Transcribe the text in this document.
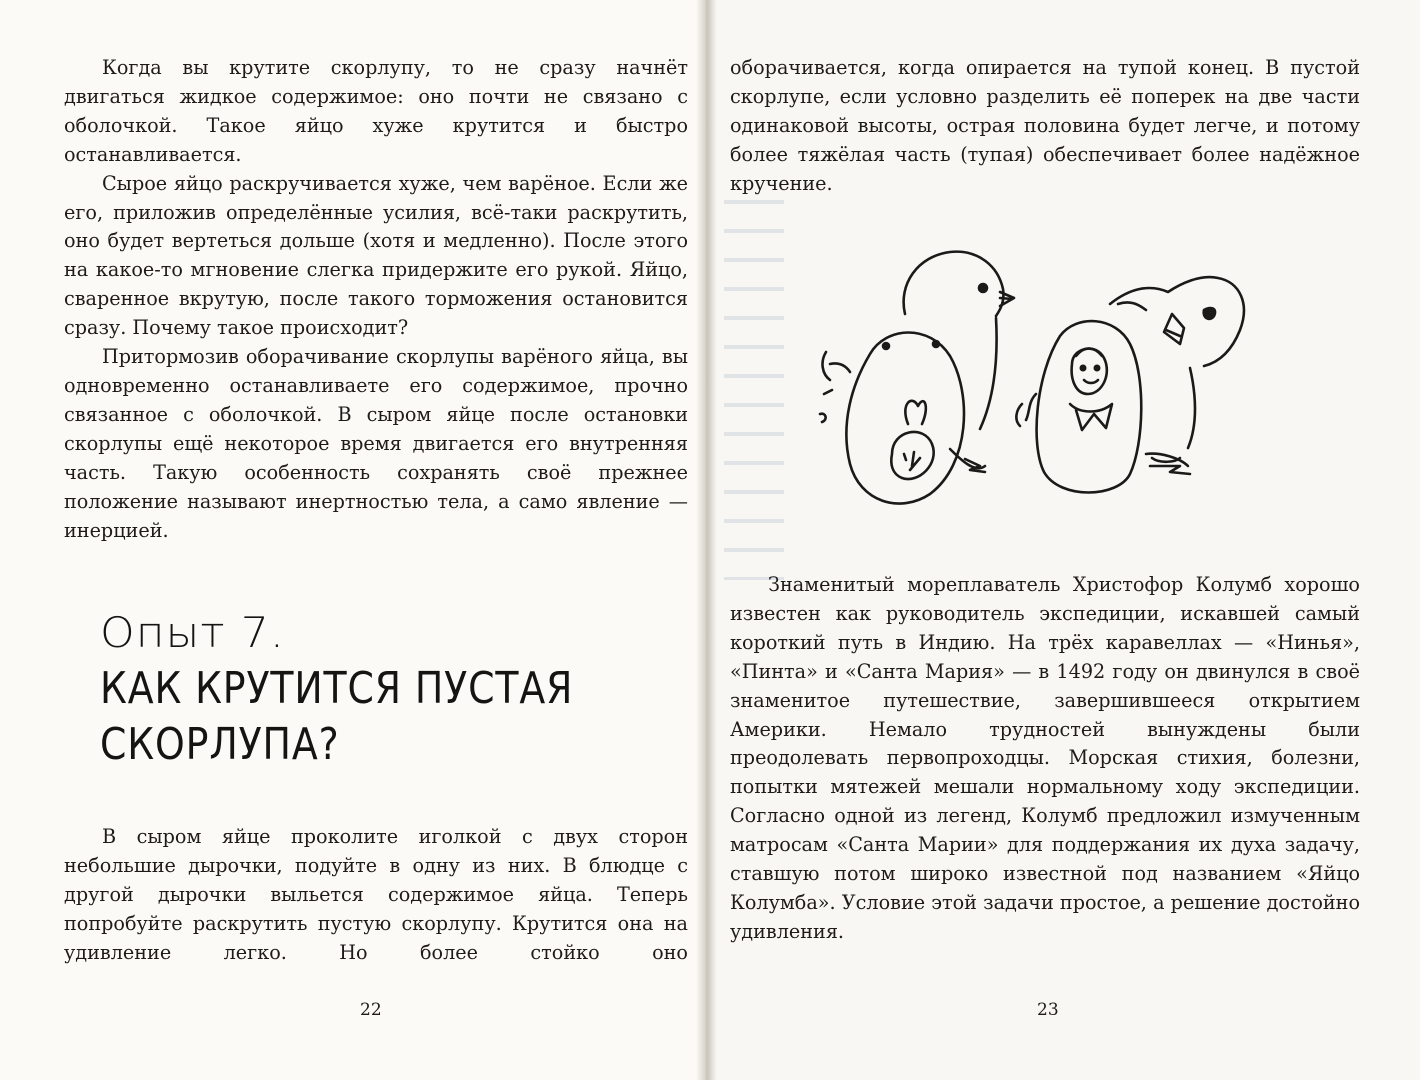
Когда вы крутите скорлупу, то не сразу начнёт двигаться жидкое содержимое: оно почти не связано с оболочкой. Такое яйцо хуже крутится и быстро останавливается.

Сырое яйцо раскручивается хуже, чем варёное. Если же его, приложив определённые усилия, всё-таки раскрутить, оно будет вертеться дольше (хотя и медленно). После этого на какое-то мгновение слегка придержите его рукой. Яйцо, сваренное вкрутую, после такого торможения остановится сразу. Почему такое происходит?

Притормозив оборачивание скорлупы варёного яйца, вы одновременно останавливаете его содержимое, прочно связанное с оболочкой. В сыром яйце после остановки скорлупы ещё некоторое время двигается его внутренняя часть. Такую особенность сохранять своё прежнее положение называют инертностью тела, а само явление — инерцией.

Опыт 7.
КАК КРУТИТСЯ ПУСТАЯ СКОРЛУПА?

В сыром яйце проколите иголкой с двух сторон небольшие дырочки, подуйте в одну из них. В блюдце с другой дырочки выльется содержимое яйца. Теперь попробуйте раскрутить пустую скорлупу. Крутится она на удивление легко. Но более стойко оно

22

оборачивается, когда опирается на тупой конец. В пустой скорлупе, если условно разделить её поперек на две части одинаковой высоты, острая половина будет легче, и потому более тяжёлая часть (тупая) обеспечивает более надёжное кручение.

Знаменитый мореплаватель Христофор Колумб хорошо известен как руководитель экспедиции, искавшей самый короткий путь в Индию. На трёх каравеллах — «Нинья», «Пинта» и «Санта Мария» — в 1492 году он двинулся в своё знаменитое путешествие, завершившееся открытием Америки. Немало трудностей вынуждены были преодолевать первопроходцы. Морская стихия, болезни, попытки мятежей мешали нормальному ходу экспедиции. Согласно одной из легенд, Колумб предложил измученным матросам «Санта Марии» для поддержания их духа задачу, ставшую потом широко известной под названием «Яйцо Колумба». Условие этой задачи простое, а решение достойно удивления.

23
